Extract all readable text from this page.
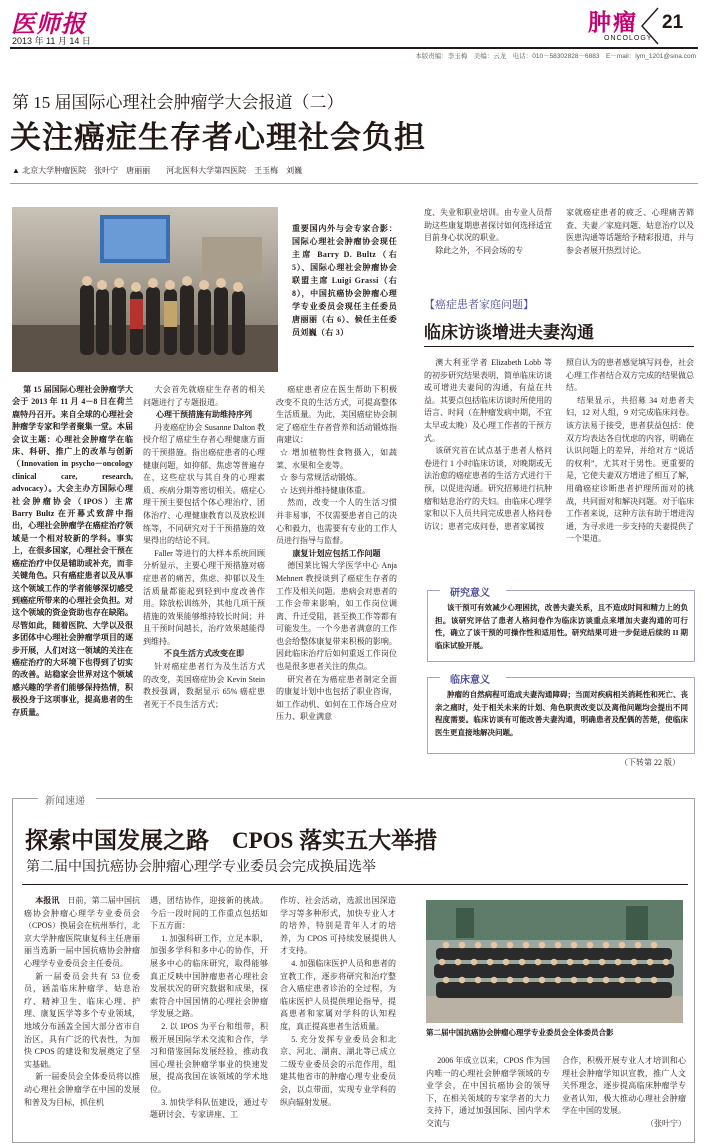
医师报
2013 年 11 月 14 日
肿瘤
ONCOLOGY
21
本版责编：李玉梅　美编：云龙　电话：010－58302828－6883　E－mail：lym_1201@sina.com
第 15 届国际心理社会肿瘤学大会报道（二）
关注癌症生存者心理社会负担
▲ 北京大学肿瘤医院　张叶宁　唐丽丽　　河北医科大学第四医院　王玉梅　刘巍
重要国内外与会专家合影：国际心理社会肿瘤协会现任主席 Barry D. Bultz（右 5）、国际心理社会肿瘤协会联盟主席 Luigi Grassi（右 8），中国抗癌协会肿瘤心理学专业委员会现任主任委员唐丽丽（右 6）、候任主任委员刘巍（右 3）

第 15 届国际心理社会肿瘤学大会于 2013 年 11 月 4－8 日在荷兰鹿特丹召开。来自全球的心理社会肿瘤学专家和学者聚集一堂。本届会议主题：心理社会肿瘤学在临床、科研、推广上的改革与创新（Innovation in psycho－oncology clinical care, research, advocacy）。大会主办方国际心理社会肿瘤协会（IPOS）主席 Barry Bultz 在开幕式致辞中指出，心理社会肿瘤学在癌症治疗领域是一个相对较新的学科。事实上，在很多国家，心理社会干预在癌症治疗中仅是辅助或补充，而非关键角色。只有癌症患者以及从事这个领域工作的学者能够深切感受到癌症所带来的心理社会负担。对这个领域的资金资助也存在缺陷。尽管如此，随着医院、大学以及很多团体中心理社会肿瘤学项目的逐步开展，人们对这一领域的关注在癌症治疗的大环境下也得到了切实的改善。站稳家会世界对这个领域感兴趣的学者们能够保持热情，积极投身于这项事业，提高患者的生存质量。

大会首先就癌症生存者的相关问题进行了专题报道。

心理干预措施有助维持序列

丹麦癌症协会 Susanne Dalton 教授介绍了癌症生存者心理健康方面的干预措施。指出癌症患者的心理健康问题，如抑郁、焦虑等普遍存在，这些症状与其自身的心理素质、疾病分期等密切相关。癌症心理干预主要包括个体心理治疗、团体治疗、心理健康教育以及放松训练等，不同研究对于干预措施的效果得出的结论不同。

Faller 等进行的大样本系统回顾分析显示，主要心理干预措施对癌症患者的痛苦、焦虑、抑郁以及生活质量都能起到轻到中度改善作用。除放松训练外，其他几项干预措施的效果能够维持较长时间；并且干预时间越长，治疗效果越能得到维持。

不良生活方式改变在即

针对癌症患者行为及生活方式的改变，美国癌症协会 Kevin Stein 教授强调，数据显示 65% 癌症患者死于不良生活方式；

癌症患者应在医生帮助下积极改变不良的生活方式，可提高整体生活质量。为此，美国癌症协会制定了癌症生存者营养和活动锻炼指南建议：

☆ 增加植物性食物摄入，如蔬菜、水果和全麦等。

☆ 参与常规活动锻炼。

☆ 达到并维持健康体重。

然而，改变一个人的生活习惯并非易事，不仅需要患者自己的决心和毅力，也需要有专业的工作人员进行指导与监督。

康复计划应包括工作问题

德国莱比锡大学医学中心 Anja Mehnert 教授谈到了癌症生存者的工作及相关问题。患病会对患者的工作会带来影响，如工作岗位调离、升迁受阻，甚至换工作等都有可能发生。一个今患者满意的工作也会给整体康复带来积极的影响。因此临床治疗后如何重返工作岗位也是很多患者关注的焦点。

研究者在为癌症患者制定全面的康复计划中也包括了职业咨询，如工作动机、如何在工作场合应对压力、职业满意

度、失业和职业培训。由专业人员帮助这些康复期患者探讨如何选择适宜目前身心状况的职业。

除此之外，不同会场的专

家就癌症患者的疲乏、心理痛苦筛查、夫妻／家庭问题、姑息治疗以及医患沟通等话题给予精彩报道，并与参会者展开热烈讨论。

【癌症患者家庭问题】
临床访谈增进夫妻沟通

澳大利亚学者 Elizabeth Lobb 等的初步研究结果表明，简单临床访谈或可增进夫妻间的沟通，有益在共益。其要点包括临床访谈时所使用的语言、时间（在肿瘤发病中期，不宜太早或太晚）及心理工作者的干预方式。

该研究首在试点基于患者人格问卷进行 1 小时临床访谈，对晚期或无法治愈的癌症患者的生活方式进行干预，以促进沟通。研究招募进行抗肿瘤和姑息治疗的夫妇。由临床心理学家和以下人员共同完成患者人格问卷访议；患者完成问卷，患者家属按

照自认为的患者感觉填写问卷，社会心理工作者结合双方完成的结果做总结。

结果显示，共招募 34 对患者夫妇，12 对人组，9 对完成临床问卷。该方法易于接受，患者获益包括：使双方均表达各自忧虑的内容，明确在认识问题上的差异，并给对方 “说话的权利”，尤其对于男性。更重要的是，它使夫妻双方增进了相互了解，用确癌症诊断患者护理所面对的挑战，共同面对和解决问题。对于临床工作者来说，这种方法有助于增进沟通，为寻求进一步支持的夫妻提供了一个渠道。

研究意义
该干预可有效减少心理困扰，改善夫妻关系，且不造成时间和精力上的负担。该研究评估了患者人格问卷作为临床访谈重点来增加夫妻沟通的可行性，确立了该干预的可操作性和适用性。研究结果可进一步促进后续的 II 期临床试验开展。
临床意义
肿瘤的自然病程可造成夫妻沟通障碍；当面对疾病相关消耗性和死亡、丧亲之痛时，处于相关未来的计划、角色职责改变以及离他问题均会提出不同程度需要。临床访谈有可能改善夫妻沟通，明确患者及配偶的苦楚，使临床医生更直接地解决问题。
（下转第 22 版）
新闻速递
探索中国发展之路　CPOS 落实五大举措
第二届中国抗癌协会肿瘤心理学专业委员会完成换届选举

本报讯　 日前，第二届中国抗癌协会肿瘤心理学专业委员会（CPOS）换届会在杭州举行，北京大学肿瘤医院康复科主任唐丽丽当选新一届中国抗癌协会肿瘤心理学专业委员会主任委员。

新一届委员会共有 53 位委员，涵盖临床肿瘤学、姑息治疗、精神卫生、临床心理、护理、康复医学等多个专业领域，地域分布涵盖全国大部分省市自治区，具有广泛的代表性，为加快 CPOS 的建设和发展奠定了坚实基础。

新一届委员会全体委员将以推动心理社会肿瘤学在中国的发展和普及为目标，抓住机

遇，团结协作，迎接新的挑战。今后一段时间的工作重点包括如下五方面：

1. 加强科研工作，立足本职，加强多学科和多中心的协作，开展多中心的临床研究，取得能够真正反映中国肿瘤患者心理社会发展状况的研究数据和成果，探索符合中国国情的心理社会肿瘤学发展之路。

2. 以 IPOS 为平台和组带，积极开展国际学术交流和合作，学习和借鉴国际发展经验，推动我国心理社会肿瘤学事业的快速发展，提高我国在该领域的学术地位。

3. 加快学科队伍建设，通过专题研讨会、专家讲座、工

作坊、社会活动，选派出国深造学习等多种形式，加快专业人才的培养，特别是青年人才的培养，为 CPOS 可持续发展提供人才支持。

4. 加强临床医护人员和患者的宣教工作，逐步将研究和治疗整合入癌症患者诊治的全过程，为临床医护人员提供理论指导，提高患者和家属对学科的认知程度，真正提高患者生活质量。

5. 充分发挥专业委员会和北京、河北、湖南、湖北等已成立二级专业委员会的示范作用，组建其他省市的肿瘤心理专业委员会，以点带面，实现专业学科的纵向辐射发展。

第二届中国抗癌协会肿瘤心理学专业委员会全体委员合影

2006 年成立以来，CPOS 作为国内唯一的心理社会肿瘤学领域的专业学会，在中国抗癌协会的领导下，在相关领域的专家学者的大力支持下，通过加强国际、国内学术交流与

合作，积极开展专业人才培训和心理社会肿瘤学知识宣教，推广人文关怀理念，逐步提高临床肿瘤学专业者认知，极大推动心理社会肿瘤学在中国的发展。

（张叶宁）
